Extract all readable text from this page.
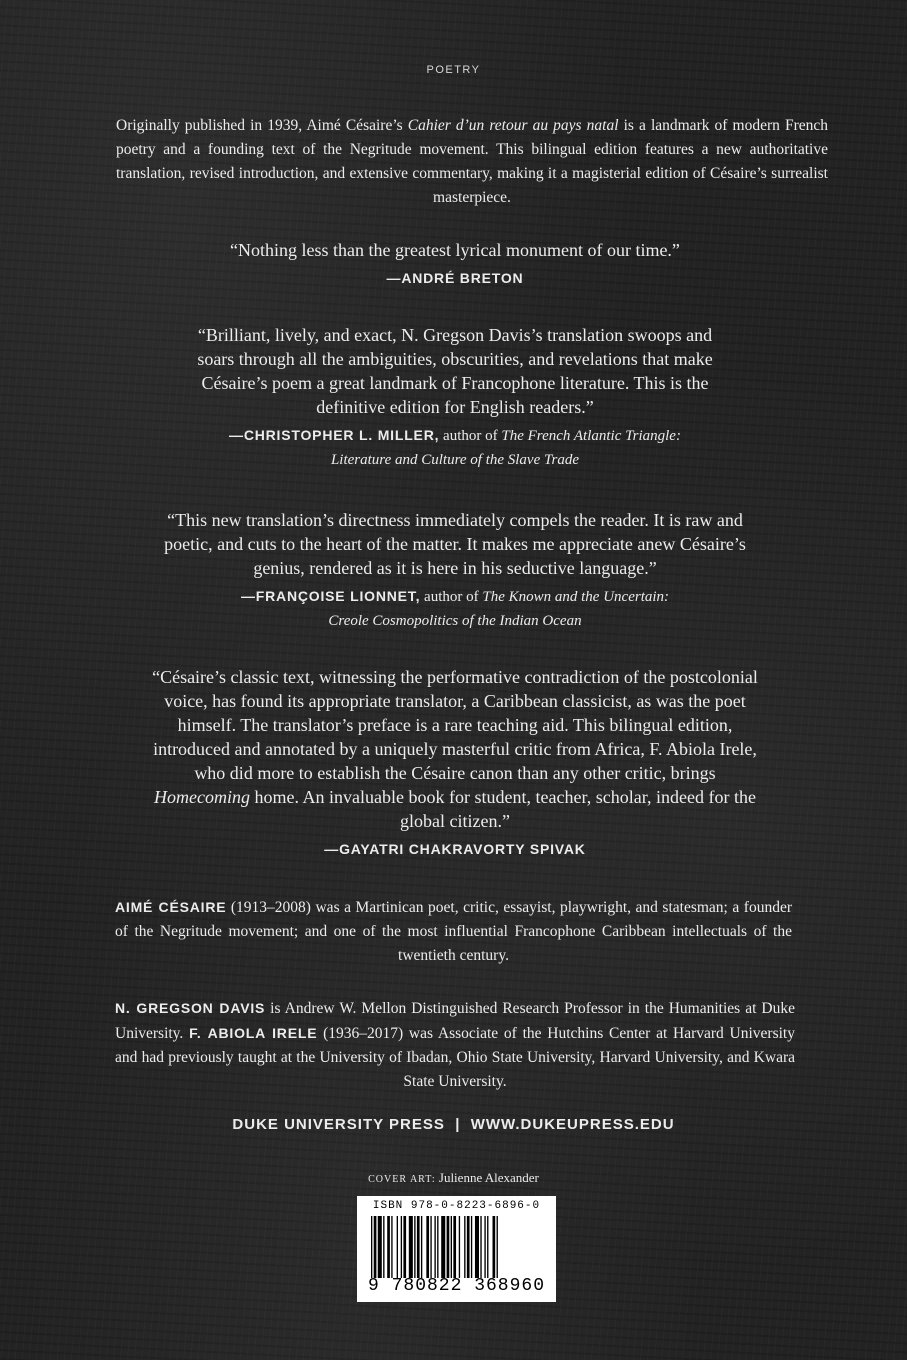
POETRY
Originally published in 1939, Aimé Césaire’s Cahier d’un retour au pays natal is a landmark of modern French poetry and a founding text of the Negritude movement. This bilingual edition features a new authoritative translation, revised introduction, and extensive commentary, making it a magisterial edition of Césaire’s surrealist masterpiece.
“Nothing less than the greatest lyrical monument of our time.”
—ANDRÉ BRETON
“Brilliant, lively, and exact, N. Gregson Davis’s translation swoops and soars through all the ambiguities, obscurities, and revelations that make Césaire’s poem a great landmark of Francophone literature. This is the definitive edition for English readers.”
—CHRISTOPHER L. MILLER, author of The French Atlantic Triangle: Literature and Culture of the Slave Trade
“This new translation’s directness immediately compels the reader. It is raw and poetic, and cuts to the heart of the matter. It makes me appreciate anew Césaire’s genius, rendered as it is here in his seductive language.”
—FRANÇOISE LIONNET, author of The Known and the Uncertain: Creole Cosmopolitics of the Indian Ocean
“Césaire’s classic text, witnessing the performative contradiction of the postcolonial voice, has found its appropriate translator, a Caribbean classicist, as was the poet himself. The translator’s preface is a rare teaching aid. This bilingual edition, introduced and annotated by a uniquely masterful critic from Africa, F. Abiola Irele, who did more to establish the Césaire canon than any other critic, brings Homecoming home. An invaluable book for student, teacher, scholar, indeed for the global citizen.”
—GAYATRI CHAKRAVORTY SPIVAK
AIMÉ CÉSAIRE (1913–2008) was a Martinican poet, critic, essayist, playwright, and statesman; a founder of the Negritude movement; and one of the most influential Francophone Caribbean intellectuals of the twentieth century.
N. GREGSON DAVIS is Andrew W. Mellon Distinguished Research Professor in the Humanities at Duke University. F. ABIOLA IRELE (1936–2017) was Associate of the Hutchins Center at Harvard University and had previously taught at the University of Ibadan, Ohio State University, Harvard University, and Kwara State University.
DUKE UNIVERSITY PRESS  |  WWW.DUKEUPRESS.EDU
COVER ART: Julienne Alexander
ISBN 978-0-8223-6896-0
9 780822 368960
